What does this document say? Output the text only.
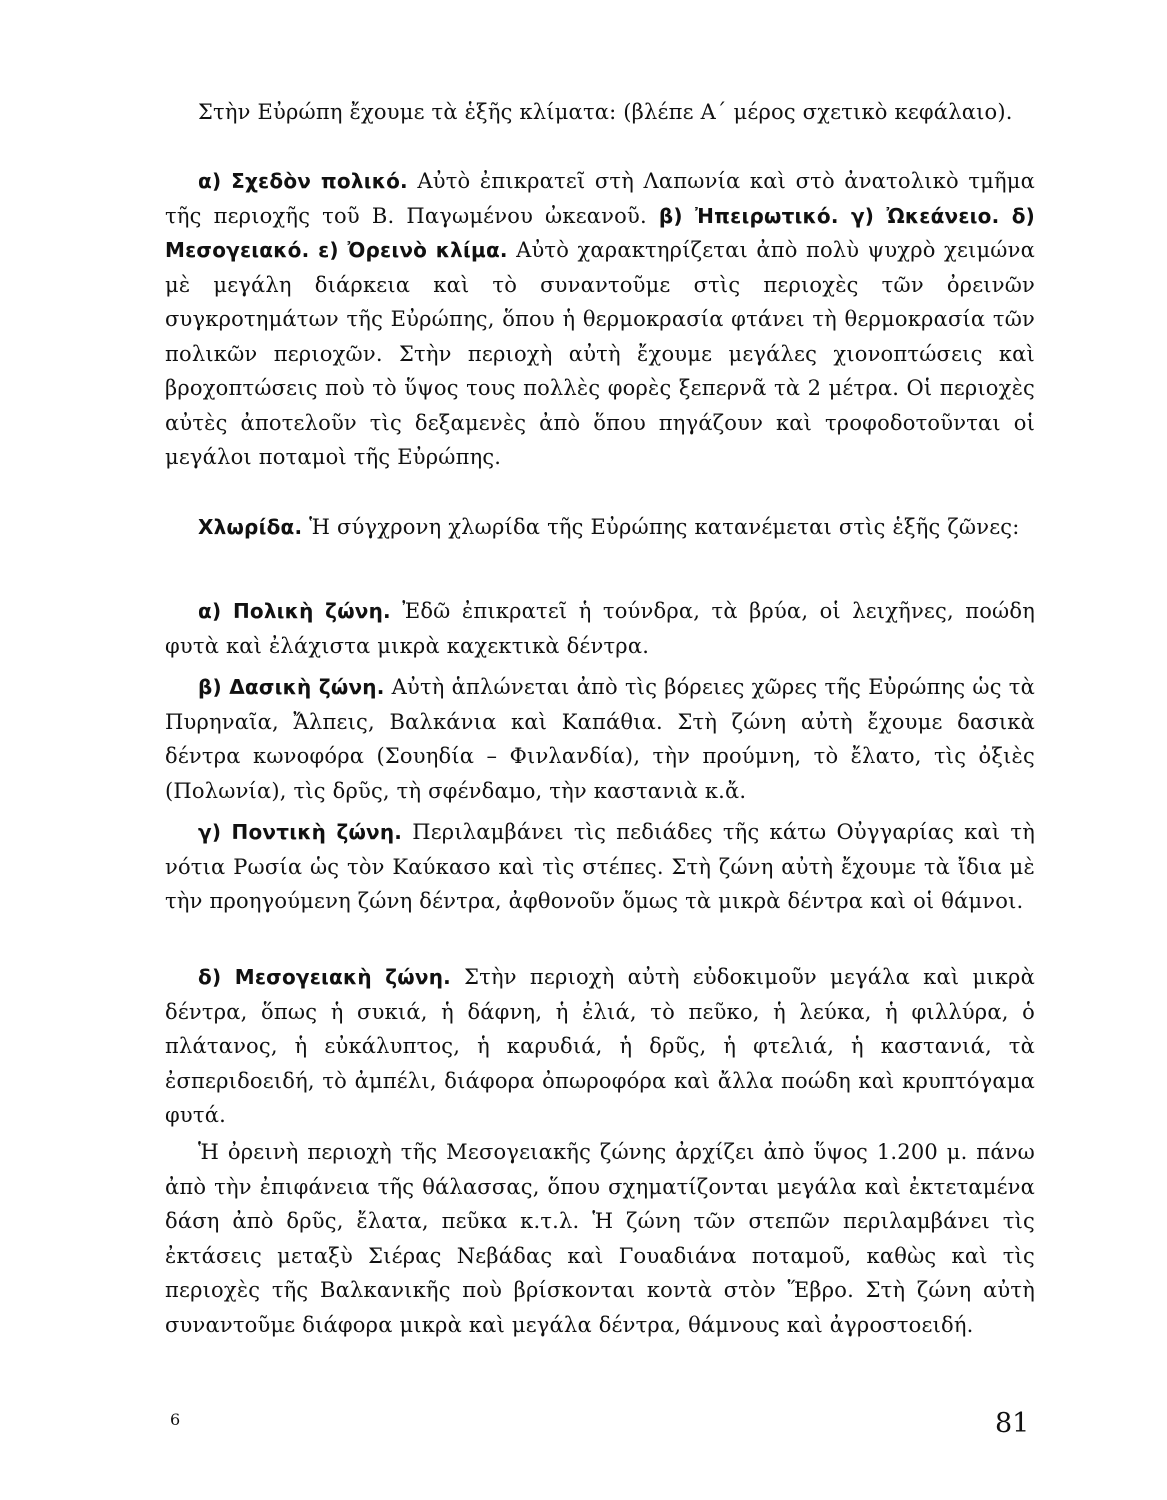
Στὴν Εὐρώπη ἔχουμε τὰ ἑξῆς κλίματα: (βλέπε Α΄ μέρος σχετικὸ κεφάλαιο).

α) Σχεδὸν πολικό. Αὐτὸ ἐπικρατεῖ στὴ Λαπωνία καὶ στὸ ἀνατολικὸ τμῆμα τῆς περιοχῆς τοῦ Β. Παγωμένου ὠκεανοῦ. β) Ἠπειρωτικό. γ) Ὠκεάνειο. δ) Μεσογειακό. ε) Ὀρεινὸ κλίμα. Αὐτὸ χαρακτηρίζεται ἀπὸ πολὺ ψυχρὸ χειμώνα μὲ μεγάλη διάρκεια καὶ τὸ συναντοῦμε στὶς περιοχὲς τῶν ὀρεινῶν συγκροτημάτων τῆς Εὐρώπης, ὅπου ἡ θερμοκρασία φτάνει τὴ θερμοκρασία τῶν πολικῶν περιοχῶν. Στὴν περιοχὴ αὐτὴ ἔχουμε μεγάλες χιονοπτώσεις καὶ βροχοπτώσεις ποὺ τὸ ὕψος τους πολλὲς φορὲς ξεπερνᾶ τὰ 2 μέτρα. Οἱ περιοχὲς αὐτὲς ἀποτελοῦν τὶς δεξαμενὲς ἀπὸ ὅπου πηγάζουν καὶ τροφοδοτοῦνται οἱ μεγάλοι ποταμοὶ τῆς Εὐρώπης.

Χλωρίδα. Ἡ σύγχρονη χλωρίδα τῆς Εὐρώπης κατανέμεται στὶς ἑξῆς ζῶνες:

α) Πολικὴ ζώνη. Ἐδῶ ἐπικρατεῖ ἡ τούνδρα, τὰ βρύα, οἱ λειχῆνες, ποώδη φυτὰ καὶ ἐλάχιστα μικρὰ καχεκτικὰ δέντρα.

β) Δασικὴ ζώνη. Αὐτὴ ἁπλώνεται ἀπὸ τὶς βόρειες χῶρες τῆς Εὐρώπης ὡς τὰ Πυρηναῖα, Ἄλπεις, Βαλκάνια καὶ Καπάθια. Στὴ ζώνη αὐτὴ ἔχουμε δασικὰ δέντρα κωνοφόρα (Σουηδία – Φινλανδία), τὴν προύμνη, τὸ ἔλατο, τὶς ὀξιὲς (Πολωνία), τὶς δρῦς, τὴ σφένδαμο, τὴν καστανιὰ κ.ἄ.

γ) Ποντικὴ ζώνη. Περιλαμβάνει τὶς πεδιάδες τῆς κάτω Οὐγγαρίας καὶ τὴ νότια Ρωσία ὡς τὸν Καύκασο καὶ τὶς στέπες. Στὴ ζώνη αὐτὴ ἔχουμε τὰ ἴδια μὲ τὴν προηγούμενη ζώνη δέντρα, ἀφθονοῦν ὅμως τὰ μικρὰ δέντρα καὶ οἱ θάμνοι.

δ) Μεσογειακὴ ζώνη. Στὴν περιοχὴ αὐτὴ εὐδοκιμοῦν μεγάλα καὶ μικρὰ δέντρα, ὅπως ἡ συκιά, ἡ δάφνη, ἡ ἐλιά, τὸ πεῦκο, ἡ λεύκα, ἡ φιλλύρα, ὁ πλάτανος, ἡ εὐκάλυπτος, ἡ καρυδιά, ἡ δρῦς, ἡ φτελιά, ἡ καστανιά, τὰ ἐσπεριδοειδή, τὸ ἀμπέλι, διάφορα ὀπωροφόρα καὶ ἄλλα ποώδη καὶ κρυπτόγαμα φυτά.

Ἡ ὀρεινὴ περιοχὴ τῆς Μεσογειακῆς ζώνης ἀρχίζει ἀπὸ ὕψος 1.200 μ. πάνω ἀπὸ τὴν ἐπιφάνεια τῆς θάλασσας, ὅπου σχηματίζονται μεγάλα καὶ ἐκτεταμένα δάση ἀπὸ δρῦς, ἔλατα, πεῦκα κ.τ.λ. Ἡ ζώνη τῶν στεπῶν περιλαμβάνει τὶς ἐκτάσεις μεταξὺ Σιέρας Νεβάδας καὶ Γουαδιάνα ποταμοῦ, καθὼς καὶ τὶς περιοχὲς τῆς Βαλκανικῆς ποὺ βρίσκονται κοντὰ στὸν Ἕβρο. Στὴ ζώνη αὐτὴ συναντοῦμε διάφορα μικρὰ καὶ μεγάλα δέντρα, θάμνους καὶ ἀγροστοειδή.

6	81
